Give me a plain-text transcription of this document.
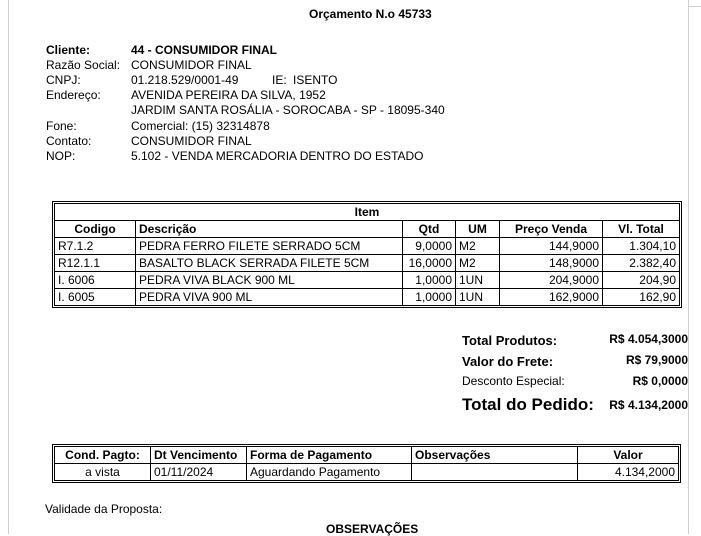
Orçamento N.o 45733
Cliente:	44 - CONSUMIDOR FINAL
Razão Social: CONSUMIDOR FINAL
CNPJ:	01.218.529/0001-49	IE: ISENTO
Endereço:	AVENIDA PEREIRA DA SILVA, 1952
JARDIM SANTA ROSÁLIA - SOROCABA - SP - 18095-340
Fone:	Comercial: (15) 32314878
Contato:	CONSUMIDOR FINAL
NOP:	5.102 - VENDA MERCADORIA DENTRO DO ESTADO
Item					
Codigo	Descrição	Qtd	UM	Preço Venda	Vl. Total
R7.1.2	PEDRA FERRO FILETE SERRADO 5CM	9,0000	M2	144,9000	1.304,10
R12.1.1	BASALTO BLACK SERRADA FILETE 5CM	16,0000	M2	148,9000	2.382,40
I. 6006	PEDRA VIVA BLACK 900 ML	1,0000	1UN	204,9000	204,90
I. 6005	PEDRA VIVA 900 ML	1,0000	1UN	162,9000	162,90
Total Produtos:	R$ 4.054,3000
Valor do Frete:	R$ 79,9000
Desconto Especial:	R$ 0,0000
Total do Pedido:	R$ 4.134,2000
Cond. Pagto:	Dt Vencimento	Forma de Pagamento	Observações	Valor
a vista	01/11/2024	Aguardando Pagamento		4.134,2000
Validade da Proposta:
OBSERVAÇÕES
